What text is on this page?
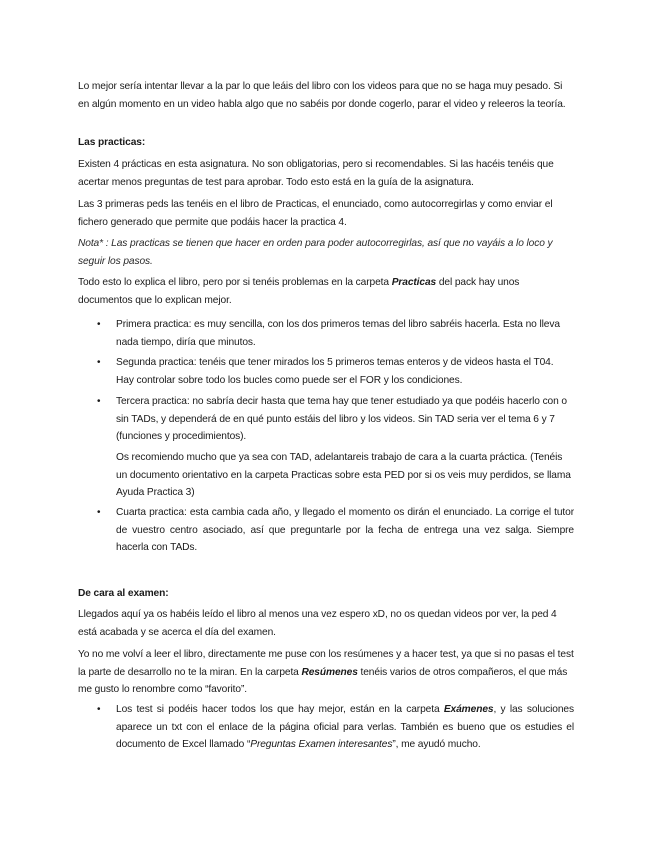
Lo mejor sería intentar llevar a la par lo que leáis del libro con los videos para que no se haga muy pesado. Si en algún momento en un video habla algo que no sabéis por donde cogerlo, parar el video y releeros la teoría.
Las practicas:
Existen 4 prácticas en esta asignatura. No son obligatorias, pero si recomendables. Si las hacéis tenéis que acertar menos preguntas de test para aprobar. Todo esto está en la guía de la asignatura.
Las 3 primeras peds las tenéis en el libro de Practicas, el enunciado, como autocorregirlas y como enviar el fichero generado que permite que podáis hacer la practica 4.
Nota* : Las practicas se tienen que hacer en orden para poder autocorregirlas, así que no vayáis a lo loco y seguir los pasos.
Todo esto lo explica el libro, pero por si tenéis problemas en la carpeta Practicas del pack hay unos documentos que lo explican mejor.
• Primera practica: es muy sencilla, con los dos primeros temas del libro sabréis hacerla. Esta no lleva nada tiempo, diría que minutos.
• Segunda practica: tenéis que tener mirados los 5 primeros temas enteros y de videos hasta el T04. Hay controlar sobre todo los bucles como puede ser el FOR y los condiciones.
• Tercera practica: no sabría decir hasta que tema hay que tener estudiado ya que podéis hacerlo con o sin TADs, y dependerá de en qué punto estáis del libro y los videos. Sin TAD seria ver el tema 6 y 7 (funciones y procedimientos).
Os recomiendo mucho que ya sea con TAD, adelantareis trabajo de cara a la cuarta práctica. (Tenéis un documento orientativo en la carpeta Practicas sobre esta PED por si os veis muy perdidos, se llama Ayuda Practica 3)
• Cuarta practica: esta cambia cada año, y llegado el momento os dirán el enunciado. La corrige el tutor de vuestro centro asociado, así que preguntarle por la fecha de entrega una vez salga. Siempre hacerla con TADs.
De cara al examen:
Llegados aquí ya os habéis leído el libro al menos una vez espero xD, no os quedan videos por ver, la ped 4 está acabada y se acerca el día del examen.
Yo no me volví a leer el libro, directamente me puse con los resúmenes y a hacer test, ya que si no pasas el test la parte de desarrollo no te la miran. En la carpeta Resúmenes tenéis varios de otros compañeros, el que más me gusto lo renombre como “favorito”.
• Los test si podéis hacer todos los que hay mejor, están en la carpeta Exámenes, y las soluciones aparece un txt con el enlace de la página oficial para verlas. También es bueno que os estudies el documento de Excel llamado “Preguntas Examen interesantes”, me ayudó mucho.
